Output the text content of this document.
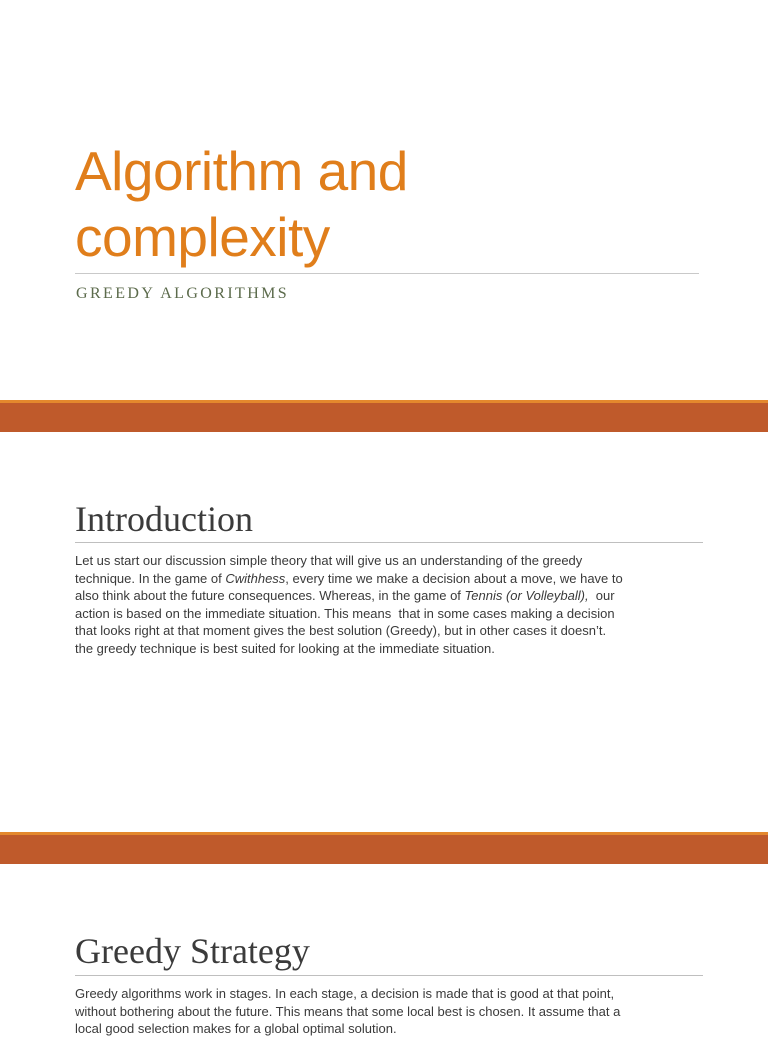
Algorithm and
complexity
GREEDY ALGORITHMS
Introduction
Let us start our discussion simple theory that will give us an understanding of the greedy
technique. In the game of Cwithhess, every time we make a decision about a move, we have to
also think about the future consequences. Whereas, in the game of Tennis (or Volleyball),  our
action is based on the immediate situation. This means  that in some cases making a decision
that looks right at that moment gives the best solution (Greedy), but in other cases it doesn’t.
the greedy technique is best suited for looking at the immediate situation.
Greedy Strategy
Greedy algorithms work in stages. In each stage, a decision is made that is good at that point,
without bothering about the future. This means that some local best is chosen. It assume that a
local good selection makes for a global optimal solution.
